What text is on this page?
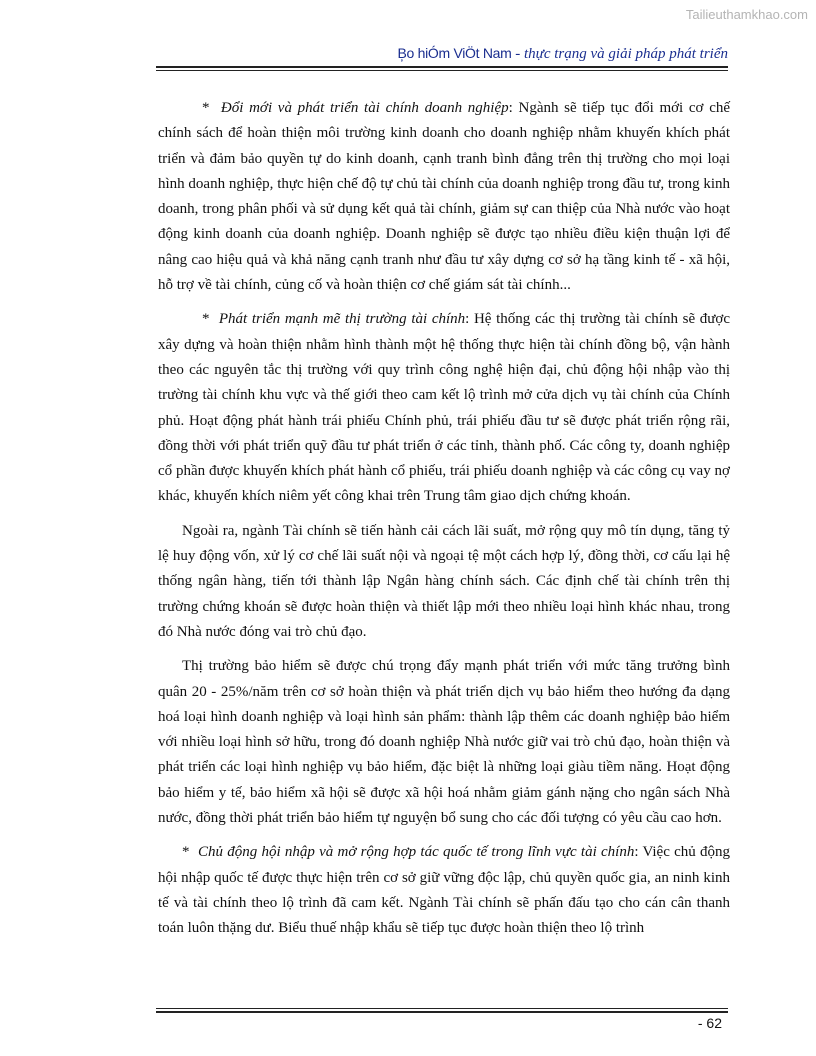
Tailieuthamkhao.com
B̦o hiÓm ViÖt Nam - thực trạng và giải pháp phát triển

* Đổi mới và phát triển tài chính doanh nghiệp: Ngành sẽ tiếp tục đổi mới cơ chế chính sách để hoàn thiện môi trường kinh doanh cho doanh nghiệp nhằm khuyến khích phát triển và đảm bảo quyền tự do kinh doanh, cạnh tranh bình đẳng trên thị trường cho mọi loại hình doanh nghiệp, thực hiện chế độ tự chủ tài chính của doanh nghiệp trong đầu tư, trong kinh doanh, trong phân phối và sử dụng kết quả tài chính, giảm sự can thiệp của Nhà nước vào hoạt động kinh doanh của doanh nghiệp. Doanh nghiệp sẽ được tạo nhiều điều kiện thuận lợi để nâng cao hiệu quả và khả năng cạnh tranh như đầu tư xây dựng cơ sở hạ tầng kinh tế - xã hội, hỗ trợ về tài chính, củng cố và hoàn thiện cơ chế giám sát tài chính...

* Phát triển mạnh mẽ thị trường tài chính: Hệ thống các thị trường tài chính sẽ được xây dựng và hoàn thiện nhằm hình thành một hệ thống thực hiện tài chính đồng bộ, vận hành theo các nguyên tắc thị trường với quy trình công nghệ hiện đại, chủ động hội nhập vào thị trường tài chính khu vực và thế giới theo cam kết lộ trình mở cửa dịch vụ tài chính của Chính phủ. Hoạt động phát hành trái phiếu Chính phủ, trái phiếu đầu tư sẽ được phát triển rộng rãi, đồng thời với phát triển quỹ đầu tư phát triển ở các tỉnh, thành phố. Các công ty, doanh nghiệp cổ phần được khuyến khích phát hành cổ phiếu, trái phiếu doanh nghiệp và các công cụ vay nợ khác, khuyến khích niêm yết công khai trên Trung tâm giao dịch chứng khoán.

Ngoài ra, ngành Tài chính sẽ tiến hành cải cách lãi suất, mở rộng quy mô tín dụng, tăng tỷ lệ huy động vốn, xử lý cơ chế lãi suất nội và ngoại tệ một cách hợp lý, đồng thời, cơ cấu lại hệ thống ngân hàng, tiến tới thành lập Ngân hàng chính sách. Các định chế tài chính trên thị trường chứng khoán sẽ được hoàn thiện và thiết lập mới theo nhiều loại hình khác nhau, trong đó Nhà nước đóng vai trò chủ đạo.

Thị trường bảo hiểm sẽ được chú trọng đẩy mạnh phát triển với mức tăng trưởng bình quân 20 - 25%/năm trên cơ sở hoàn thiện và phát triển dịch vụ bảo hiểm theo hướng đa dạng hoá loại hình doanh nghiệp và loại hình sản phẩm: thành lập thêm các doanh nghiệp bảo hiểm với nhiều loại hình sở hữu, trong đó doanh nghiệp Nhà nước giữ vai trò chủ đạo, hoàn thiện và phát triển các loại hình nghiệp vụ bảo hiểm, đặc biệt là những loại giàu tiềm năng. Hoạt động bảo hiểm y tế, bảo hiểm xã hội sẽ được xã hội hoá nhằm giảm gánh nặng cho ngân sách Nhà nước, đồng thời phát triển bảo hiểm tự nguyện bổ sung cho các đối tượng có yêu cầu cao hơn.

* Chủ động hội nhập và mở rộng hợp tác quốc tế trong lĩnh vực tài chính: Việc chủ động hội nhập quốc tế được thực hiện trên cơ sở giữ vững độc lập, chủ quyền quốc gia, an ninh kinh tế và tài chính theo lộ trình đã cam kết. Ngành Tài chính sẽ phấn đấu tạo cho cán cân thanh toán luôn thặng dư. Biểu thuế nhập khẩu sẽ tiếp tục được hoàn thiện theo lộ trình

- 62
